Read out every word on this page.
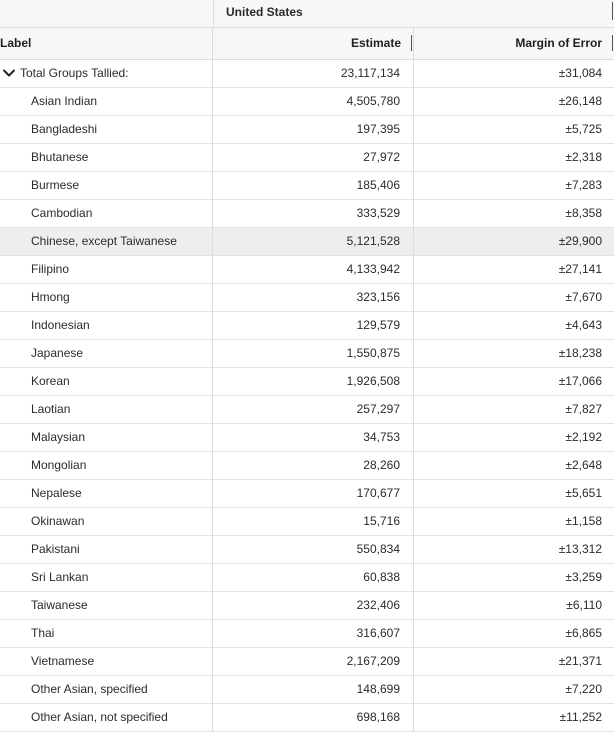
United States
Label	Estimate	Margin of Error
Total Groups Tallied:	23,117,134	±31,084
Asian Indian	4,505,780	±26,148
Bangladeshi	197,395	±5,725
Bhutanese	27,972	±2,318
Burmese	185,406	±7,283
Cambodian	333,529	±8,358
Chinese, except Taiwanese	5,121,528	±29,900
Filipino	4,133,942	±27,141
Hmong	323,156	±7,670
Indonesian	129,579	±4,643
Japanese	1,550,875	±18,238
Korean	1,926,508	±17,066
Laotian	257,297	±7,827
Malaysian	34,753	±2,192
Mongolian	28,260	±2,648
Nepalese	170,677	±5,651
Okinawan	15,716	±1,158
Pakistani	550,834	±13,312
Sri Lankan	60,838	±3,259
Taiwanese	232,406	±6,110
Thai	316,607	±6,865
Vietnamese	2,167,209	±21,371
Other Asian, specified	148,699	±7,220
Other Asian, not specified	698,168	±11,252
